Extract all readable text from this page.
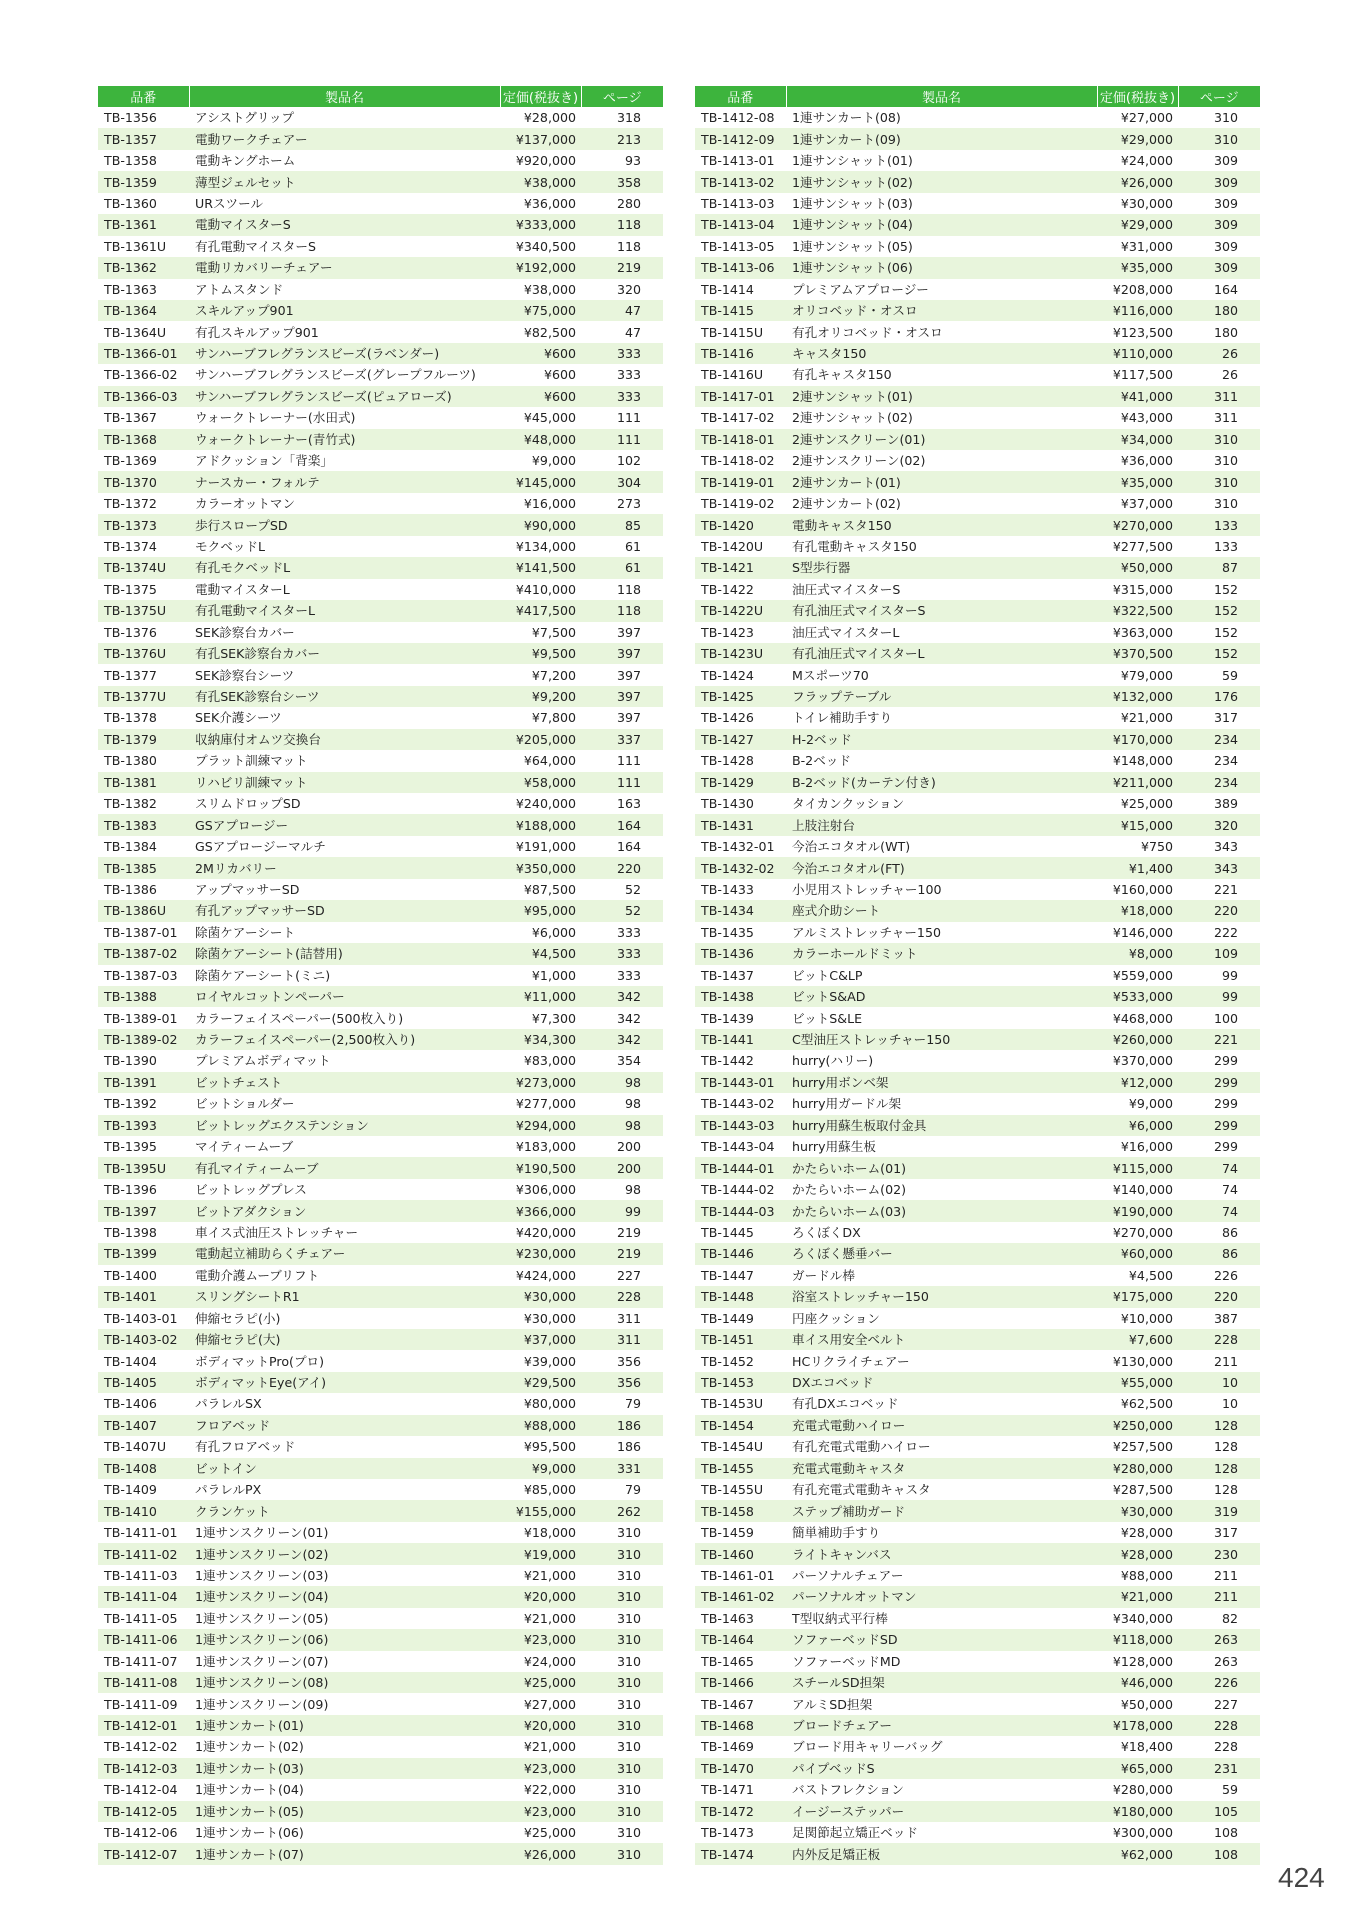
品番	製品名	定価(税抜き)	ページ
TB-1356	アシストグリップ	¥28,000	318
TB-1357	電動ワークチェアー	¥137,000	213
TB-1358	電動キングホーム	¥920,000	93
TB-1359	薄型ジェルセット	¥38,000	358
TB-1360	URスツール	¥36,000	280
TB-1361	電動マイスターS	¥333,000	118
TB-1361U	有孔電動マイスターS	¥340,500	118
TB-1362	電動リカバリーチェアー	¥192,000	219
TB-1363	アトムスタンド	¥38,000	320
TB-1364	スキルアップ901	¥75,000	47
TB-1364U	有孔スキルアップ901	¥82,500	47
TB-1366-01	サンハーブフレグランスビーズ(ラベンダー)	¥600	333
TB-1366-02	サンハーブフレグランスビーズ(グレープフルーツ)	¥600	333
TB-1366-03	サンハーブフレグランスビーズ(ピュアローズ)	¥600	333
TB-1367	ウォークトレーナー(水田式)	¥45,000	111
TB-1368	ウォークトレーナー(青竹式)	¥48,000	111
TB-1369	アドクッション「背楽」	¥9,000	102
TB-1370	ナースカー・フォルテ	¥145,000	304
TB-1372	カラーオットマン	¥16,000	273
TB-1373	歩行スロープSD	¥90,000	85
TB-1374	モクベッドL	¥134,000	61
TB-1374U	有孔モクベッドL	¥141,500	61
TB-1375	電動マイスターL	¥410,000	118
TB-1375U	有孔電動マイスターL	¥417,500	118
TB-1376	SEK診察台カバー	¥7,500	397
TB-1376U	有孔SEK診察台カバー	¥9,500	397
TB-1377	SEK診察台シーツ	¥7,200	397
TB-1377U	有孔SEK診察台シーツ	¥9,200	397
TB-1378	SEK介護シーツ	¥7,800	397
TB-1379	収納庫付オムツ交換台	¥205,000	337
TB-1380	プラット訓練マット	¥64,000	111
TB-1381	リハビリ訓練マット	¥58,000	111
TB-1382	スリムドロップSD	¥240,000	163
TB-1383	GSアプロージー	¥188,000	164
TB-1384	GSアプロージーマルチ	¥191,000	164
TB-1385	2Mリカバリー	¥350,000	220
TB-1386	アップマッサーSD	¥87,500	52
TB-1386U	有孔アップマッサーSD	¥95,000	52
TB-1387-01	除菌ケアーシート	¥6,000	333
TB-1387-02	除菌ケアーシート(詰替用)	¥4,500	333
TB-1387-03	除菌ケアーシート(ミニ)	¥1,000	333
TB-1388	ロイヤルコットンペーパー	¥11,000	342
TB-1389-01	カラーフェイスペーパー(500枚入り)	¥7,300	342
TB-1389-02	カラーフェイスペーパー(2,500枚入り)	¥34,300	342
TB-1390	プレミアムボディマット	¥83,000	354
TB-1391	ビットチェスト	¥273,000	98
TB-1392	ビットショルダー	¥277,000	98
TB-1393	ビットレッグエクステンション	¥294,000	98
TB-1395	マイティームーブ	¥183,000	200
TB-1395U	有孔マイティームーブ	¥190,500	200
TB-1396	ビットレッグプレス	¥306,000	98
TB-1397	ビットアダクション	¥366,000	99
TB-1398	車イス式油圧ストレッチャー	¥420,000	219
TB-1399	電動起立補助らくチェアー	¥230,000	219
TB-1400	電動介護ムーブリフト	¥424,000	227
TB-1401	スリングシートR1	¥30,000	228
TB-1403-01	伸縮セラピ(小)	¥30,000	311
TB-1403-02	伸縮セラピ(大)	¥37,000	311
TB-1404	ボディマットPro(プロ)	¥39,000	356
TB-1405	ボディマットEye(アイ)	¥29,500	356
TB-1406	パラレルSX	¥80,000	79
TB-1407	フロアベッド	¥88,000	186
TB-1407U	有孔フロアベッド	¥95,500	186
TB-1408	ビットイン	¥9,000	331
TB-1409	パラレルPX	¥85,000	79
TB-1410	クランケット	¥155,000	262
TB-1411-01	1連サンスクリーン(01)	¥18,000	310
TB-1411-02	1連サンスクリーン(02)	¥19,000	310
TB-1411-03	1連サンスクリーン(03)	¥21,000	310
TB-1411-04	1連サンスクリーン(04)	¥20,000	310
TB-1411-05	1連サンスクリーン(05)	¥21,000	310
TB-1411-06	1連サンスクリーン(06)	¥23,000	310
TB-1411-07	1連サンスクリーン(07)	¥24,000	310
TB-1411-08	1連サンスクリーン(08)	¥25,000	310
TB-1411-09	1連サンスクリーン(09)	¥27,000	310
TB-1412-01	1連サンカート(01)	¥20,000	310
TB-1412-02	1連サンカート(02)	¥21,000	310
TB-1412-03	1連サンカート(03)	¥23,000	310
TB-1412-04	1連サンカート(04)	¥22,000	310
TB-1412-05	1連サンカート(05)	¥23,000	310
TB-1412-06	1連サンカート(06)	¥25,000	310
TB-1412-07	1連サンカート(07)	¥26,000	310
品番	製品名	定価(税抜き)	ページ
TB-1412-08	1連サンカート(08)	¥27,000	310
TB-1412-09	1連サンカート(09)	¥29,000	310
TB-1413-01	1連サンシャット(01)	¥24,000	309
TB-1413-02	1連サンシャット(02)	¥26,000	309
TB-1413-03	1連サンシャット(03)	¥30,000	309
TB-1413-04	1連サンシャット(04)	¥29,000	309
TB-1413-05	1連サンシャット(05)	¥31,000	309
TB-1413-06	1連サンシャット(06)	¥35,000	309
TB-1414	プレミアムアプロージー	¥208,000	164
TB-1415	オリコベッド・オスロ	¥116,000	180
TB-1415U	有孔オリコベッド・オスロ	¥123,500	180
TB-1416	キャスタ150	¥110,000	26
TB-1416U	有孔キャスタ150	¥117,500	26
TB-1417-01	2連サンシャット(01)	¥41,000	311
TB-1417-02	2連サンシャット(02)	¥43,000	311
TB-1418-01	2連サンスクリーン(01)	¥34,000	310
TB-1418-02	2連サンスクリーン(02)	¥36,000	310
TB-1419-01	2連サンカート(01)	¥35,000	310
TB-1419-02	2連サンカート(02)	¥37,000	310
TB-1420	電動キャスタ150	¥270,000	133
TB-1420U	有孔電動キャスタ150	¥277,500	133
TB-1421	S型歩行器	¥50,000	87
TB-1422	油圧式マイスターS	¥315,000	152
TB-1422U	有孔油圧式マイスターS	¥322,500	152
TB-1423	油圧式マイスターL	¥363,000	152
TB-1423U	有孔油圧式マイスターL	¥370,500	152
TB-1424	Mスポーツ70	¥79,000	59
TB-1425	フラップテーブル	¥132,000	176
TB-1426	トイレ補助手すり	¥21,000	317
TB-1427	H-2ベッド	¥170,000	234
TB-1428	B-2ベッド	¥148,000	234
TB-1429	B-2ベッド(カーテン付き)	¥211,000	234
TB-1430	タイカンクッション	¥25,000	389
TB-1431	上肢注射台	¥15,000	320
TB-1432-01	今治エコタオル(WT)	¥750	343
TB-1432-02	今治エコタオル(FT)	¥1,400	343
TB-1433	小児用ストレッチャー100	¥160,000	221
TB-1434	座式介助シート	¥18,000	220
TB-1435	アルミストレッチャー150	¥146,000	222
TB-1436	カラーホールドミット	¥8,000	109
TB-1437	ビットC&LP	¥559,000	99
TB-1438	ビットS&AD	¥533,000	99
TB-1439	ビットS&LE	¥468,000	100
TB-1441	C型油圧ストレッチャー150	¥260,000	221
TB-1442	hurry(ハリー)	¥370,000	299
TB-1443-01	hurry用ボンベ架	¥12,000	299
TB-1443-02	hurry用ガードル架	¥9,000	299
TB-1443-03	hurry用蘇生板取付金具	¥6,000	299
TB-1443-04	hurry用蘇生板	¥16,000	299
TB-1444-01	かたらいホーム(01)	¥115,000	74
TB-1444-02	かたらいホーム(02)	¥140,000	74
TB-1444-03	かたらいホーム(03)	¥190,000	74
TB-1445	ろくぼくDX	¥270,000	86
TB-1446	ろくぼく懸垂バー	¥60,000	86
TB-1447	ガードル棒	¥4,500	226
TB-1448	浴室ストレッチャー150	¥175,000	220
TB-1449	円座クッション	¥10,000	387
TB-1451	車イス用安全ベルト	¥7,600	228
TB-1452	HCリクライチェアー	¥130,000	211
TB-1453	DXエコベッド	¥55,000	10
TB-1453U	有孔DXエコベッド	¥62,500	10
TB-1454	充電式電動ハイロー	¥250,000	128
TB-1454U	有孔充電式電動ハイロー	¥257,500	128
TB-1455	充電式電動キャスタ	¥280,000	128
TB-1455U	有孔充電式電動キャスタ	¥287,500	128
TB-1458	ステップ補助ガード	¥30,000	319
TB-1459	簡単補助手すり	¥28,000	317
TB-1460	ライトキャンバス	¥28,000	230
TB-1461-01	パーソナルチェアー	¥88,000	211
TB-1461-02	パーソナルオットマン	¥21,000	211
TB-1463	T型収納式平行棒	¥340,000	82
TB-1464	ソファーベッドSD	¥118,000	263
TB-1465	ソファーベッドMD	¥128,000	263
TB-1466	スチールSD担架	¥46,000	226
TB-1467	アルミSD担架	¥50,000	227
TB-1468	ブロードチェアー	¥178,000	228
TB-1469	ブロード用キャリーバッグ	¥18,400	228
TB-1470	パイプベッドS	¥65,000	231
TB-1471	バストフレクション	¥280,000	59
TB-1472	イージーステッパー	¥180,000	105
TB-1473	足関節起立矯正ベッド	¥300,000	108
TB-1474	内外反足矯正板	¥62,000	108
424
